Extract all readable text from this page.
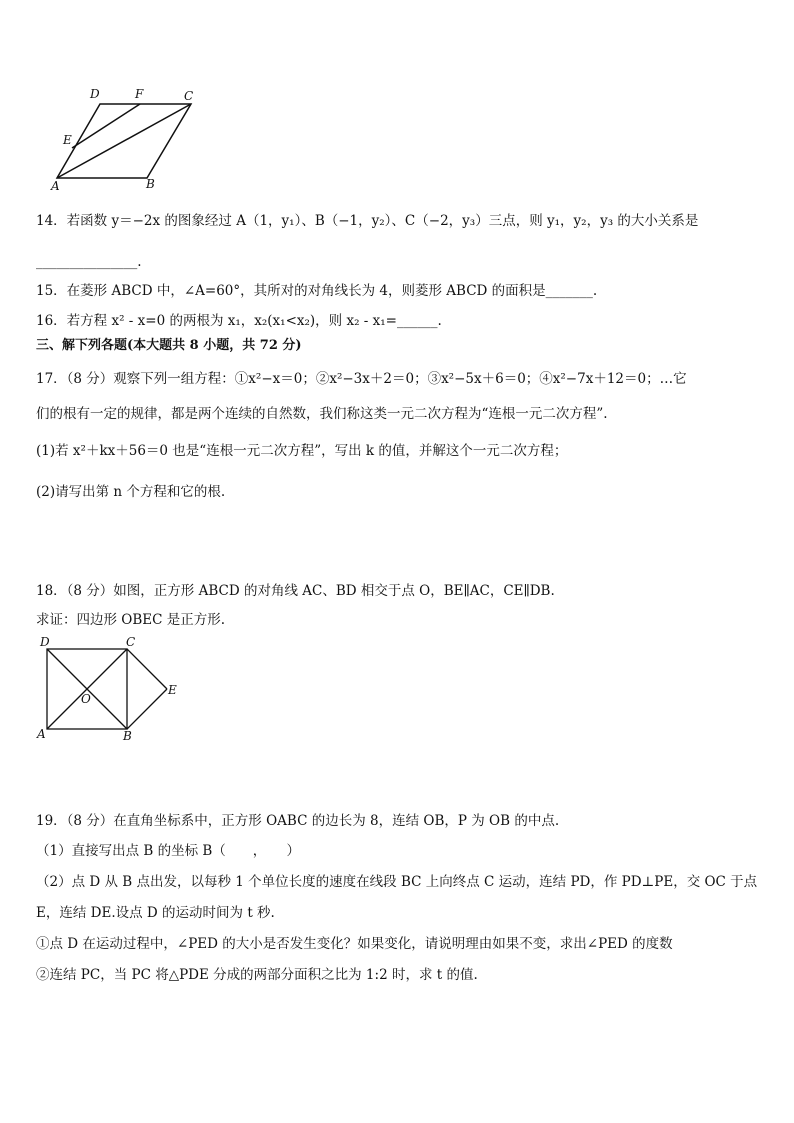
D	F	C
E
A	B
14．若函数 y＝−2x 的图象经过 A（1，y₁）、B（−1，y₂）、C（−2，y₃）三点，则 y₁，y₂，y₃ 的大小关系是
_______________.
15．在菱形 ABCD 中，∠A=60°，其所对的对角线长为 4，则菱形 ABCD 的面积是_______.
16．若方程 x² - x=0 的两根为 x₁，x₂(x₁<x₂)，则 x₂ - x₁=______.
三、解下列各题(本大题共 8 小题，共 72 分)
17．（8 分）观察下列一组方程：①x²−x＝0；②x²−3x＋2＝0；③x²−5x＋6＝0；④x²−7x＋12＝0；…它
们的根有一定的规律，都是两个连续的自然数，我们称这类一元二次方程为“连根一元二次方程”.
(1)若 x²＋kx＋56＝0 也是“连根一元二次方程”，写出 k 的值，并解这个一元二次方程；
(2)请写出第 n 个方程和它的根.
18．（8 分）如图，正方形 ABCD 的对角线 AC、BD 相交于点 O，BE∥AC，CE∥DB.
求证：四边形 OBEC 是正方形.
D	C
O
E
A	B
19．（8 分）在直角坐标系中，正方形 OABC 的边长为 8，连结 OB，P 为 OB 的中点.
（1）直接写出点 B 的坐标 B（　　，　　）
（2）点 D 从 B 点出发，以每秒 1 个单位长度的速度在线段 BC 上向终点 C 运动，连结 PD，作 PD⊥PE，交 OC 于点
E，连结 DE.设点 D 的运动时间为 t 秒.
①点 D 在运动过程中，∠PED 的大小是否发生变化？如果变化，请说明理由如果不变，求出∠PED 的度数
②连结 PC，当 PC 将△PDE 分成的两部分面积之比为 1:2 时，求 t 的值.
